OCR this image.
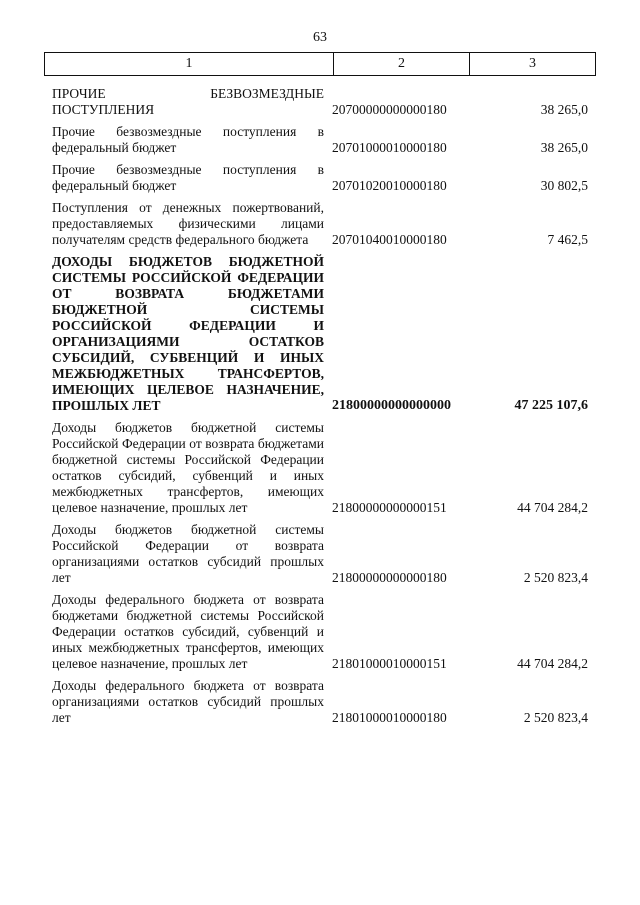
63
1	2	3
ПРОЧИЕ БЕЗВОЗМЕЗДНЫЕ ПОСТУПЛЕНИЯ	20700000000000180	38 265,0
Прочие безвозмездные поступления в федеральный бюджет	20701000010000180	38 265,0
Прочие безвозмездные поступления в федеральный бюджет	20701020010000180	30 802,5
Поступления от денежных пожертвований, предоставляемых физическими лицами получателям средств федерального бюджета	20701040010000180	7 462,5
ДОХОДЫ БЮДЖЕТОВ БЮДЖЕТНОЙ СИСТЕМЫ РОССИЙСКОЙ ФЕДЕРАЦИИ ОТ ВОЗВРАТА БЮДЖЕТАМИ БЮДЖЕТНОЙ СИСТЕМЫ РОССИЙСКОЙ ФЕДЕРАЦИИ И ОРГАНИЗАЦИЯМИ ОСТАТКОВ СУБСИДИЙ, СУБВЕНЦИЙ И ИНЫХ МЕЖБЮДЖЕТНЫХ ТРАНСФЕРТОВ, ИМЕЮЩИХ ЦЕЛЕВОЕ НАЗНАЧЕНИЕ, ПРОШЛЫХ ЛЕТ	21800000000000000	47 225 107,6
Доходы бюджетов бюджетной системы Российской Федерации от возврата бюджетами бюджетной системы Российской Федерации остатков субсидий, субвенций и иных межбюджетных трансфертов, имеющих целевое назначение, прошлых лет	21800000000000151	44 704 284,2
Доходы бюджетов бюджетной системы Российской Федерации от возврата организациями остатков субсидий прошлых лет	21800000000000180	2 520 823,4
Доходы федерального бюджета от возврата бюджетами бюджетной системы Российской Федерации остатков субсидий, субвенций и иных межбюджетных трансфертов, имеющих целевое назначение, прошлых лет	21801000010000151	44 704 284,2
Доходы федерального бюджета от возврата организациями остатков субсидий прошлых лет	21801000010000180	2 520 823,4
